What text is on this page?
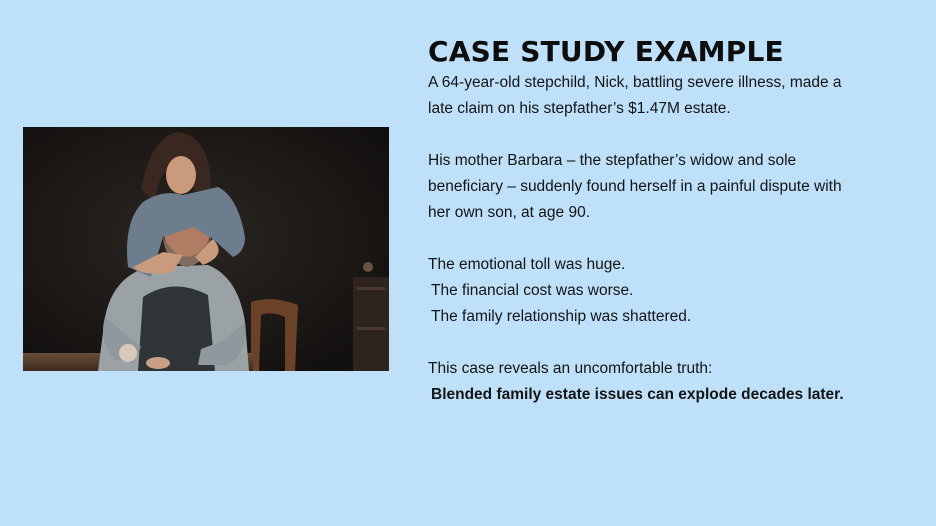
CASE STUDY EXAMPLE

A 64-year-old stepchild, Nick, battling severe illness, made a
late claim on his stepfather’s $1.47M estate.

His mother Barbara – the stepfather’s widow and sole
beneficiary – suddenly found herself in a painful dispute with
her own son, at age 90.

The emotional toll was huge.
The financial cost was worse.
The family relationship was shattered.

This case reveals an uncomfortable truth:
Blended family estate issues can explode decades later.
